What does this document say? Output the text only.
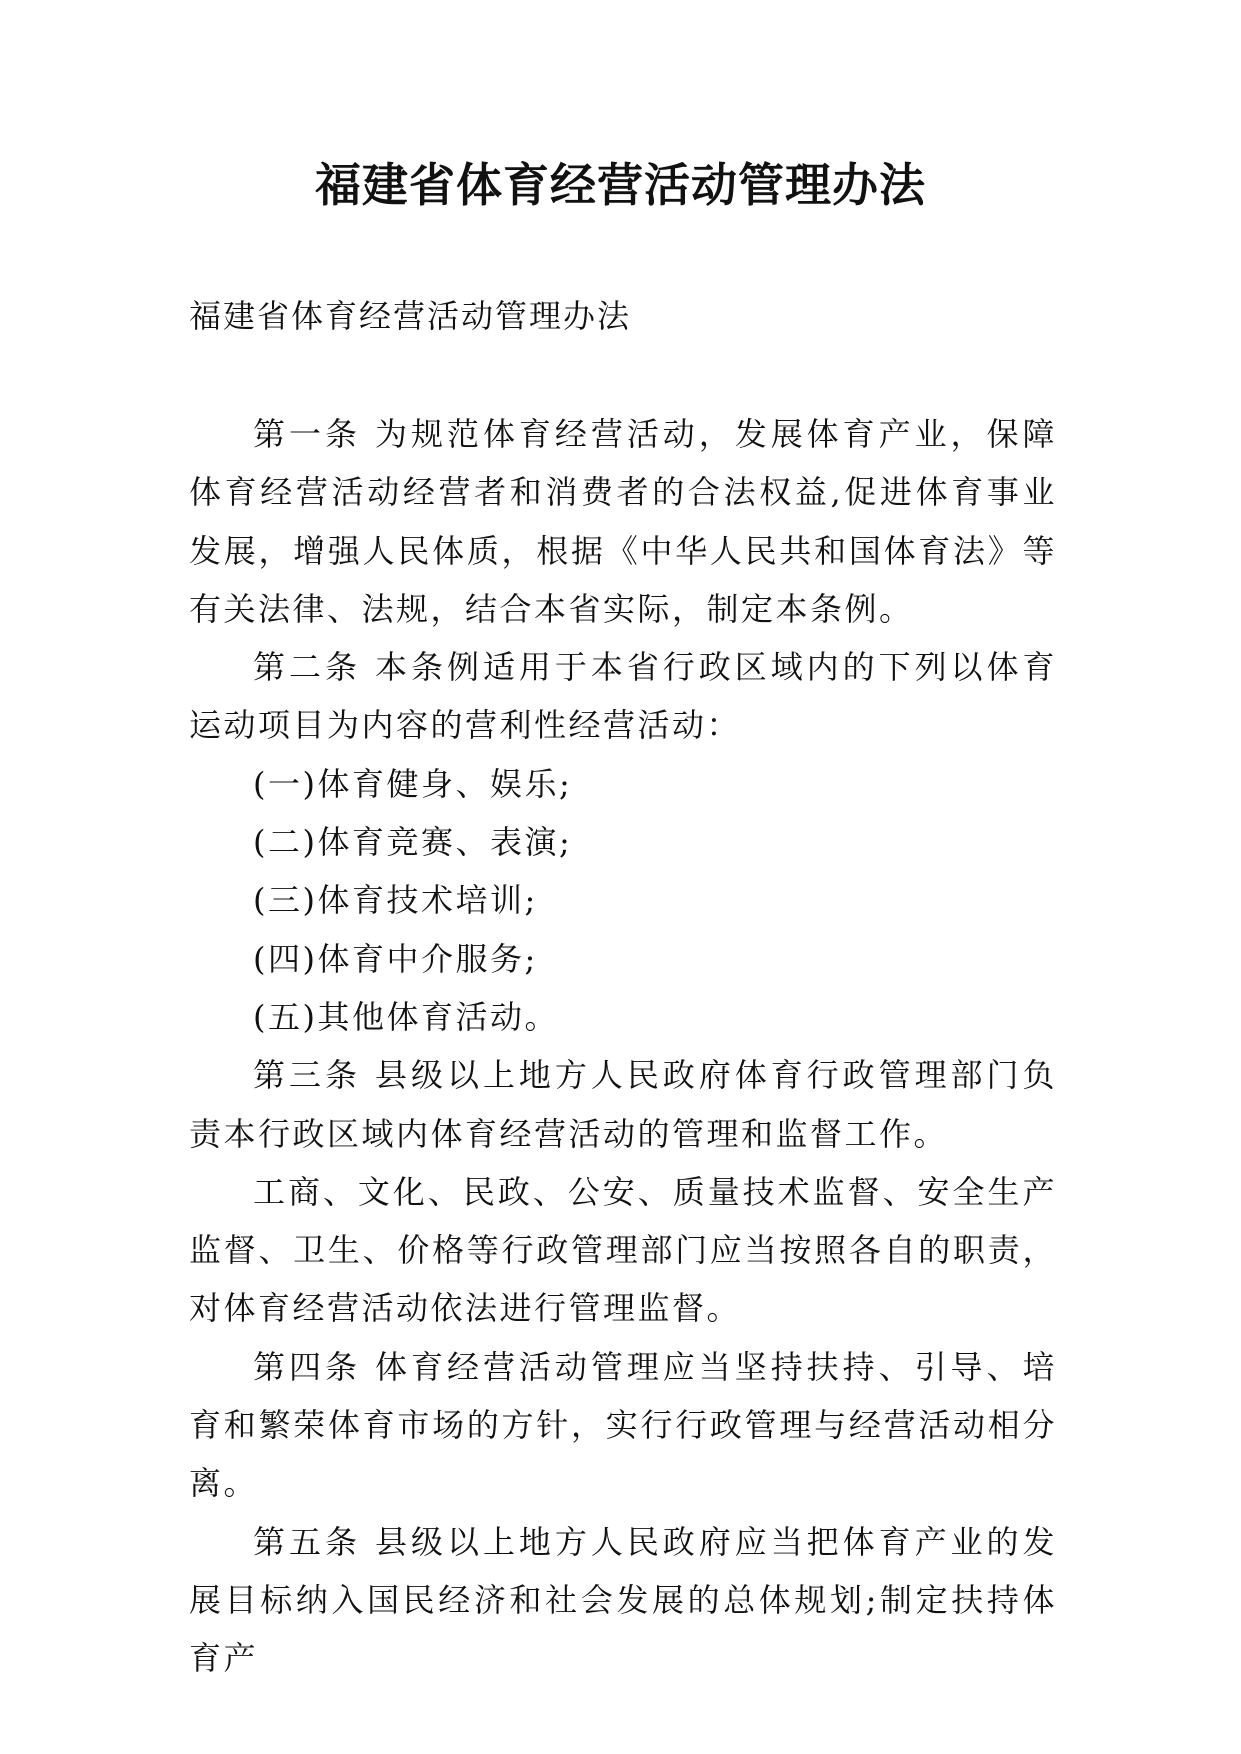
福建省体育经营活动管理办法

福建省体育经营活动管理办法

第一条 为规范体育经营活动，发展体育产业，保障体育经营活动经营者和消费者的合法权益,促进体育事业发展，增强人民体质，根据《中华人民共和国体育法》等有关法律、法规，结合本省实际，制定本条例。

第二条 本条例适用于本省行政区域内的下列以体育运动项目为内容的营利性经营活动：

(一)体育健身、娱乐;

(二)体育竞赛、表演;

(三)体育技术培训;

(四)体育中介服务;

(五)其他体育活动。

第三条 县级以上地方人民政府体育行政管理部门负责本行政区域内体育经营活动的管理和监督工作。

工商、文化、民政、公安、质量技术监督、安全生产监督、卫生、价格等行政管理部门应当按照各自的职责，对体育经营活动依法进行管理监督。

第四条 体育经营活动管理应当坚持扶持、引导、培育和繁荣体育市场的方针，实行行政管理与经营活动相分离。

第五条 县级以上地方人民政府应当把体育产业的发展目标纳入国民经济和社会发展的总体规划;制定扶持体育产
